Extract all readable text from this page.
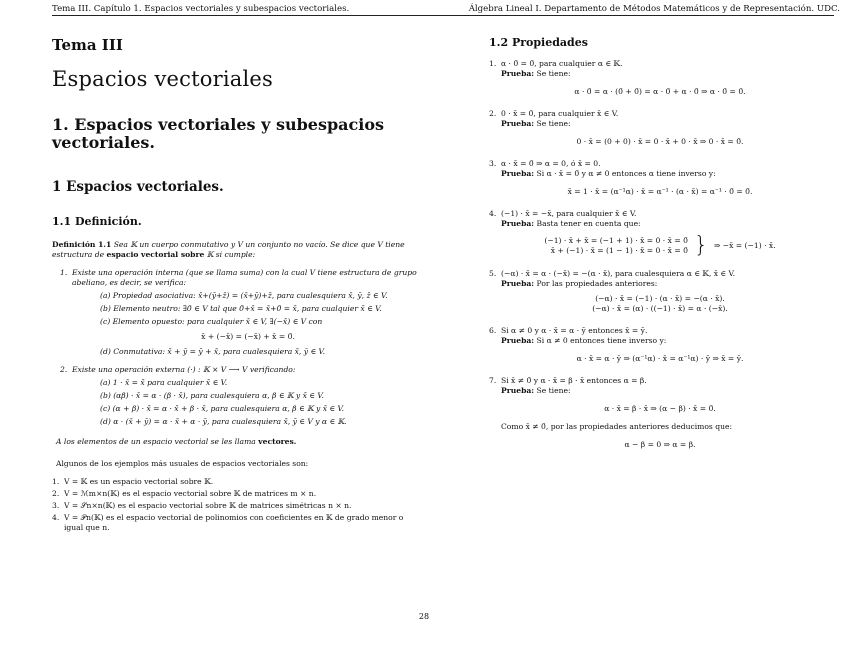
Tema III. Capítulo 1. Espacios vectoriales y subespacios vectoriales.	Álgebra Lineal I. Departamento de Métodos Matemáticos y de Representación. UDC.

Tema III

Espacios vectoriales

1. Espacios vectoriales y subespacios vectoriales.

1 Espacios vectoriales.

1.1 Definición.

Definición 1.1 Sea 𝕂 un cuerpo conmutativo y V un conjunto no vacío. Se dice que V tiene estructura de espacio vectorial sobre 𝕂 si cumple:

1. Existe una operación interna (que se llama suma) con la cual V tiene estructura de grupo abeliano, es decir, se verifica:
(a) Propiedad asociativa: x̄+(ȳ+z̄) = (x̄+ȳ)+z̄, para cualesquiera x̄, ȳ, z̄ ∈ V.
(b) Elemento neutro: ∃0̄ ∈ V tal que 0̄+x̄ = x̄+0̄ = x̄, para cualquier x̄ ∈ V.
(c) Elemento opuesto: para cualquier x̄ ∈ V, ∃(−x̄) ∈ V con

x̄ + (−x̄) = (−x̄) + x̄ = 0̄.

(d) Conmutativa: x̄ + ȳ = ȳ + x̄, para cualesquiera x̄, ȳ ∈ V.
2. Existe una operación externa (·) : 𝕂 × V ⟶ V verificando:
(a) 1 · x̄ = x̄ para cualquier x̄ ∈ V.
(b) (αβ) · x̄ = α · (β · x̄), para cualesquiera α, β ∈ 𝕂 y x̄ ∈ V.
(c) (α + β) · x̄ = α · x̄ + β · x̄, para cualesquiera α, β ∈ 𝕂 y x̄ ∈ V.
(d) α · (x̄ + ȳ) = α · x̄ + α · ȳ, para cualesquiera x̄, ȳ ∈ V y α ∈ 𝕂.

A los elementos de un espacio vectorial se les llama vectores.

Algunos de los ejemplos más usuales de espacios vectoriales son:

1. V = 𝕂 es un espacio vectorial sobre 𝕂.
2. V = ℳm×n(𝕂) es el espacio vectorial sobre 𝕂 de matrices m × n.
3. V = 𝒮n×n(𝕂) es el espacio vectorial sobre 𝕂 de matrices simétricas n × n.
4. V = 𝒫n(𝕂) es el espacio vectorial de polinomios con coeficientes en 𝕂 de grado menor o igual que n.

1.2 Propiedades

1. α · 0̄ = 0̄, para cualquier α ∈ 𝕂.

Prueba: Se tiene:

α · 0̄ = α · (0̄ + 0̄) = α · 0̄ + α · 0̄ ⇒ α · 0̄ = 0̄.

2. 0 · x̄ = 0̄, para cualquier x̄ ∈ V.

Prueba: Se tiene:

0 · x̄ = (0 + 0) · x̄ = 0 · x̄ + 0 · x̄ ⇒ 0 · x̄ = 0̄.

3. α · x̄ = 0̄ ⇒ α = 0, ó x̄ = 0.

Prueba: Si α · x̄ = 0̄ y α ≠ 0 entonces α tiene inverso y:

x̄ = 1 · x̄ = (α⁻¹α) · x̄ = α⁻¹ · (α · x̄) = α⁻¹ · 0̄ = 0̄.

4. (−1) · x̄ = −x̄, para cualquier x̄ ∈ V.

Prueba: Basta tener en cuenta que:

(−1) · x̄ + x̄ = (−1 + 1) · x̄ = 0 · x̄ = 0̄
x̄ + (−1) · x̄ = (1 − 1) · x̄ = 0 · x̄ = 0̄ } ⇒ −x̄ = (−1) · x̄.
5. (−α) · x̄ = α · (−x̄) = −(α · x̄), para cualesquiera α ∈ 𝕂, x̄ ∈ V.

Prueba: Por las propiedades anteriores:

(−α) · x̄ = (−1) · (α · x̄) = −(α · x̄).
(−α) · x̄ = (α) · ((−1) · x̄) = α · (−x̄).
6. Si α ≠ 0 y α · x̄ = α · ȳ entonces x̄ = ȳ.

Prueba: Si α ≠ 0 entonces tiene inverso y:

α · x̄ = α · ȳ ⇒ (α⁻¹α) · x̄ = α⁻¹α) · ȳ ⇒ x̄ = ȳ.

7. Si x̄ ≠ 0̄ y α · x̄ = β · x̄ entonces α = β.

Prueba: Se tiene:

α · x̄ = β · x̄ ⇒ (α − β) · x̄ = 0̄.

Como x̄ ≠ 0̄, por las propiedades anteriores deducimos que:

α − β = 0 ⇒ α = β.

28
